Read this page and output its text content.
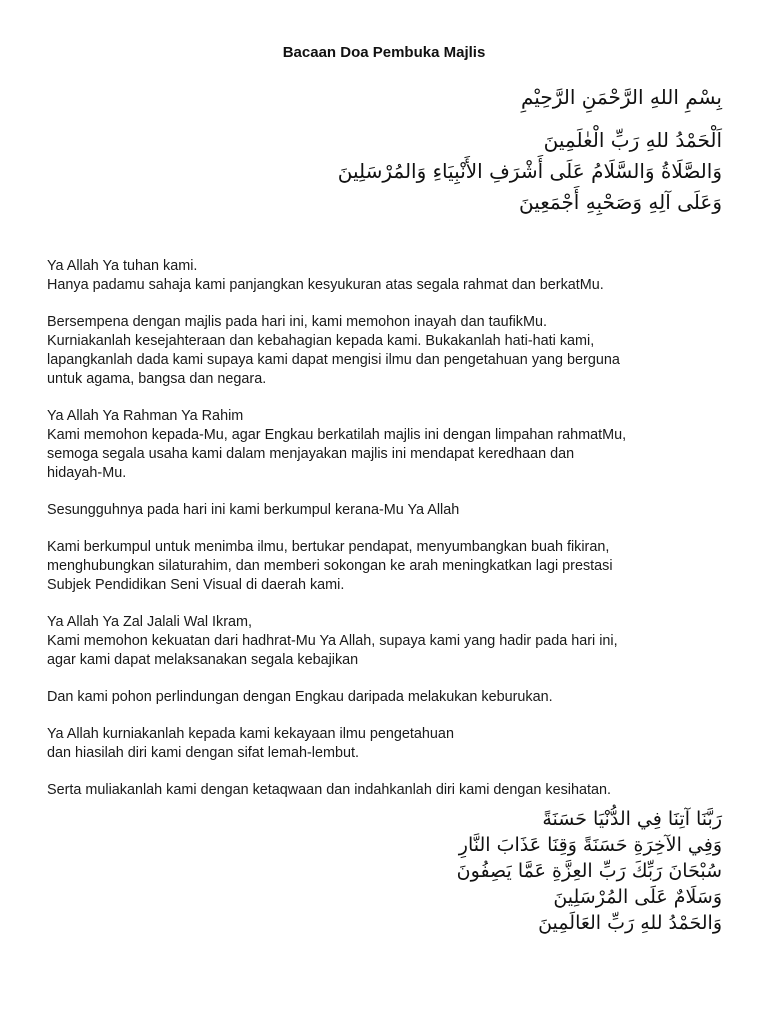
Bacaan Doa Pembuka Majlis
بِسْمِ اللهِ الرَّحْمَنِ الرَّحِيْمِ
اَلْحَمْدُ للهِ رَبِّ الْعٰلَمِينَ
وَالصَّلَاةُ وَالسَّلَامُ عَلَى أَشْرَفِ الأَنْبِيَاءِ وَالمُرْسَلِينَ
وَعَلَى آلِهِ وَصَحْبِهِ أَجْمَعِينَ

Ya Allah Ya tuhan kami.
Hanya padamu sahaja kami panjangkan kesyukuran atas segala rahmat dan berkatMu.

Bersempena dengan majlis pada hari ini, kami memohon inayah dan taufikMu.
Kurniakanlah kesejahteraan dan kebahagian kepada kami. Bukakanlah hati-hati kami,
lapangkanlah dada kami supaya kami dapat mengisi ilmu dan pengetahuan yang berguna
untuk agama, bangsa dan negara.

Ya Allah Ya Rahman Ya Rahim
Kami memohon kepada-Mu, agar Engkau berkatilah majlis ini dengan limpahan rahmatMu,
semoga segala usaha kami dalam menjayakan majlis ini mendapat keredhaan dan
hidayah-Mu.

Sesungguhnya pada hari ini kami berkumpul kerana-Mu Ya Allah

Kami berkumpul untuk menimba ilmu, bertukar pendapat, menyumbangkan buah fikiran,
menghubungkan silaturahim, dan memberi sokongan ke arah meningkatkan lagi prestasi
Subjek Pendidikan Seni Visual di daerah kami.

Ya Allah Ya Zal Jalali Wal Ikram,
Kami memohon kekuatan dari hadhrat-Mu Ya Allah, supaya kami yang hadir pada hari ini,
agar kami dapat melaksanakan segala kebajikan

Dan kami pohon perlindungan dengan Engkau daripada melakukan keburukan.

Ya Allah kurniakanlah kepada kami kekayaan ilmu pengetahuan
dan hiasilah diri kami dengan sifat lemah-lembut.

Serta muliakanlah kami dengan ketaqwaan dan indahkanlah diri kami dengan kesihatan.

رَبَّنَا آتِنَا فِي الدُّنْيَا حَسَنَةً
وَفِي الآخِرَةِ حَسَنَةً وَقِنَا عَذَابَ النَّارِ
سُبْحَانَ رَبِّكَ رَبِّ العِزَّةِ عَمَّا يَصِفُونَ
وَسَلَامٌ عَلَى المُرْسَلِينَ
وَالحَمْدُ للهِ رَبِّ العَالَمِينَ
